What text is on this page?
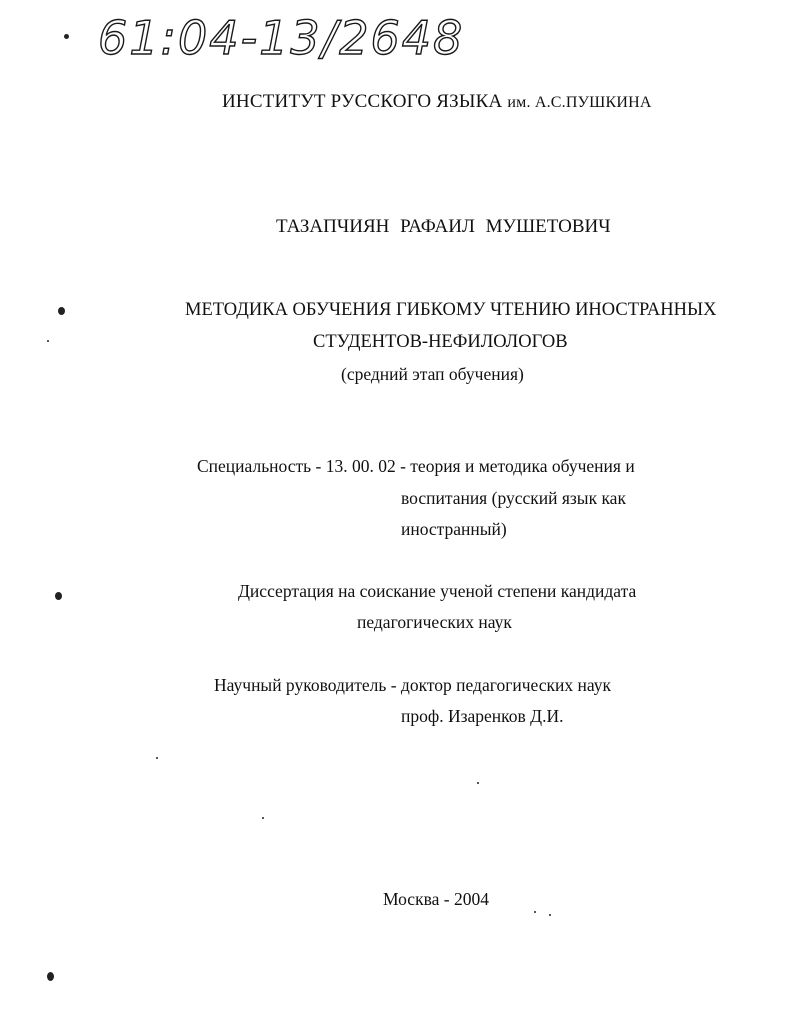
61:04-13/2648
ИНСТИТУТ РУССКОГО ЯЗЫКА им. А.С.ПУШКИНА
ТАЗАПЧИЯН РАФАИЛ МУШЕТОВИЧ
МЕТОДИКА ОБУЧЕНИЯ ГИБКОМУ ЧТЕНИЮ ИНОСТРАННЫХ
СТУДЕНТОВ-НЕФИЛОЛОГОВ
(средний этап обучения)
Специальность - 13. 00. 02 - теория и методика обучения и
воспитания (русский язык как
иностранный)
Диссертация на соискание ученой степени кандидата
педагогических наук
Научный руководитель - доктор педагогических наук
проф. Изаренков Д.И.
Москва - 2004
